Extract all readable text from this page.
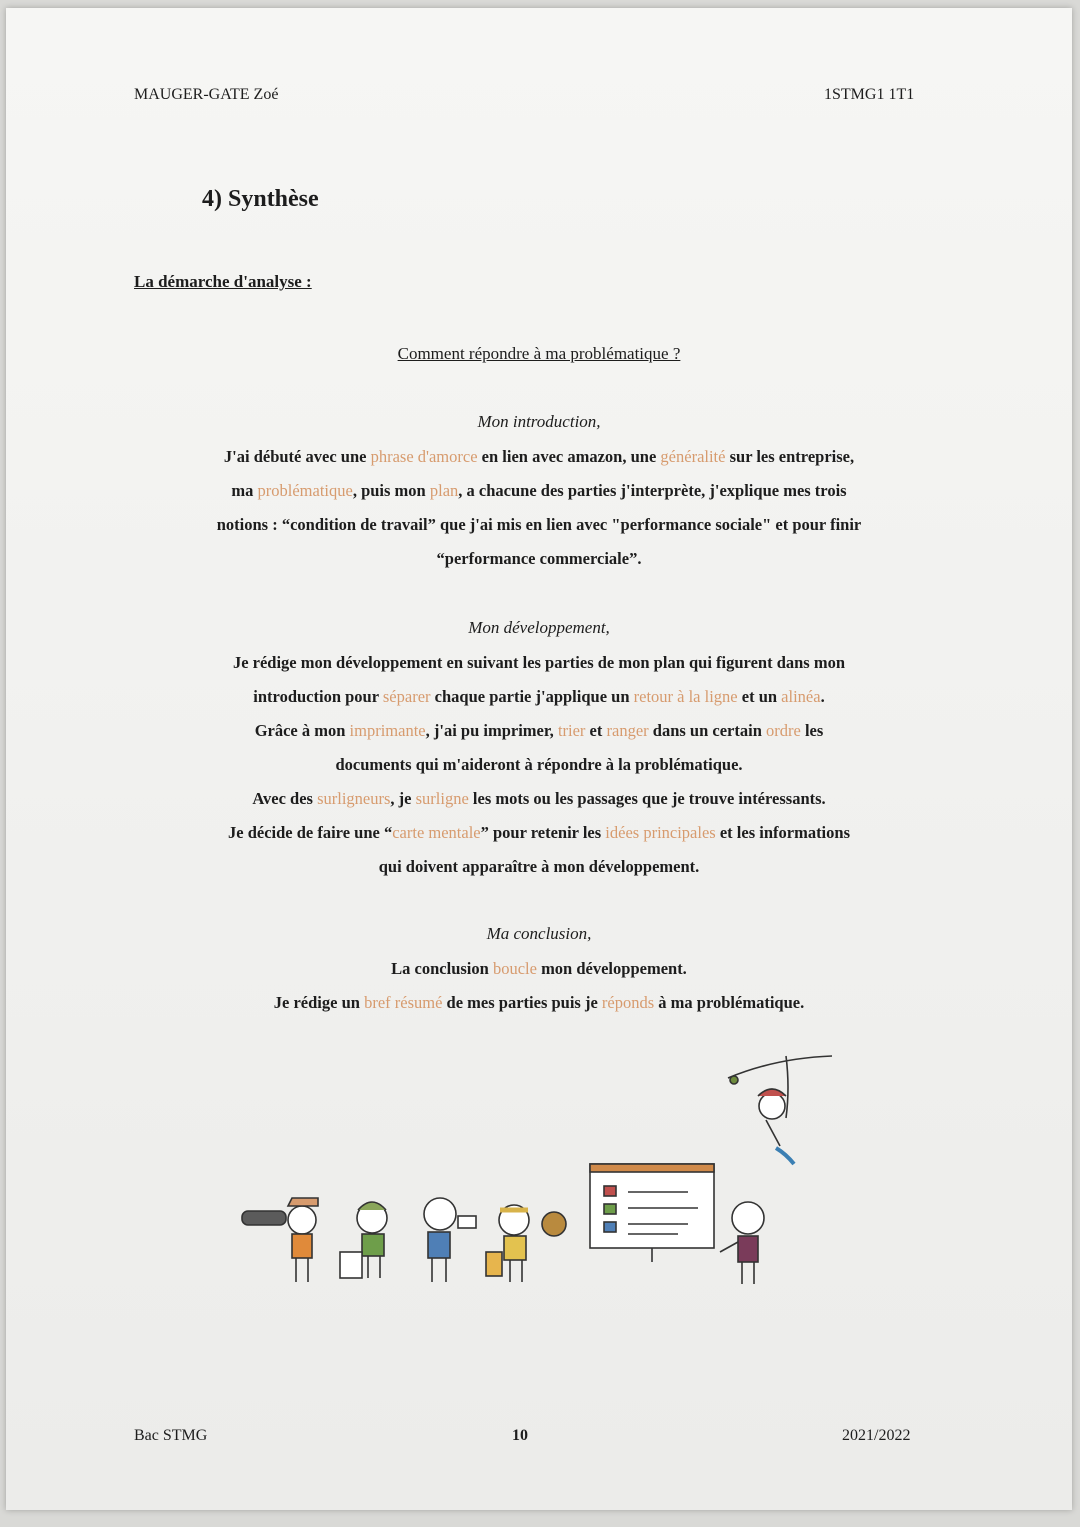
MAUGER-GATE Zoé	1STMG1 1T1
4) Synthèse
La démarche d'analyse :
Comment répondre à ma problématique ?
Mon introduction,
J'ai débuté avec une phrase d'amorce en lien avec amazon, une généralité sur les entreprise,
ma problématique, puis mon plan, a chacune des parties j'interprète, j'explique mes trois
notions : “condition de travail” que j'ai mis en lien avec "performance sociale" et pour finir
“performance commerciale”.
Mon développement,
Je rédige mon développement en suivant les parties de mon plan qui figurent dans mon
introduction pour séparer chaque partie j'applique un retour à la ligne et un alinéa.
Grâce à mon imprimante, j'ai pu imprimer, trier et ranger dans un certain ordre les
documents qui m'aideront à répondre à la problématique.
Avec des surligneurs, je surligne les mots ou les passages que je trouve intéressants.
Je décide de faire une “carte mentale” pour retenir les idées principales et les informations
qui doivent apparaître à mon développement.
Ma conclusion,
La conclusion boucle mon développement.
Je rédige un bref résumé de mes parties puis je réponds à ma problématique.
Bac STMG	10	2021/2022
